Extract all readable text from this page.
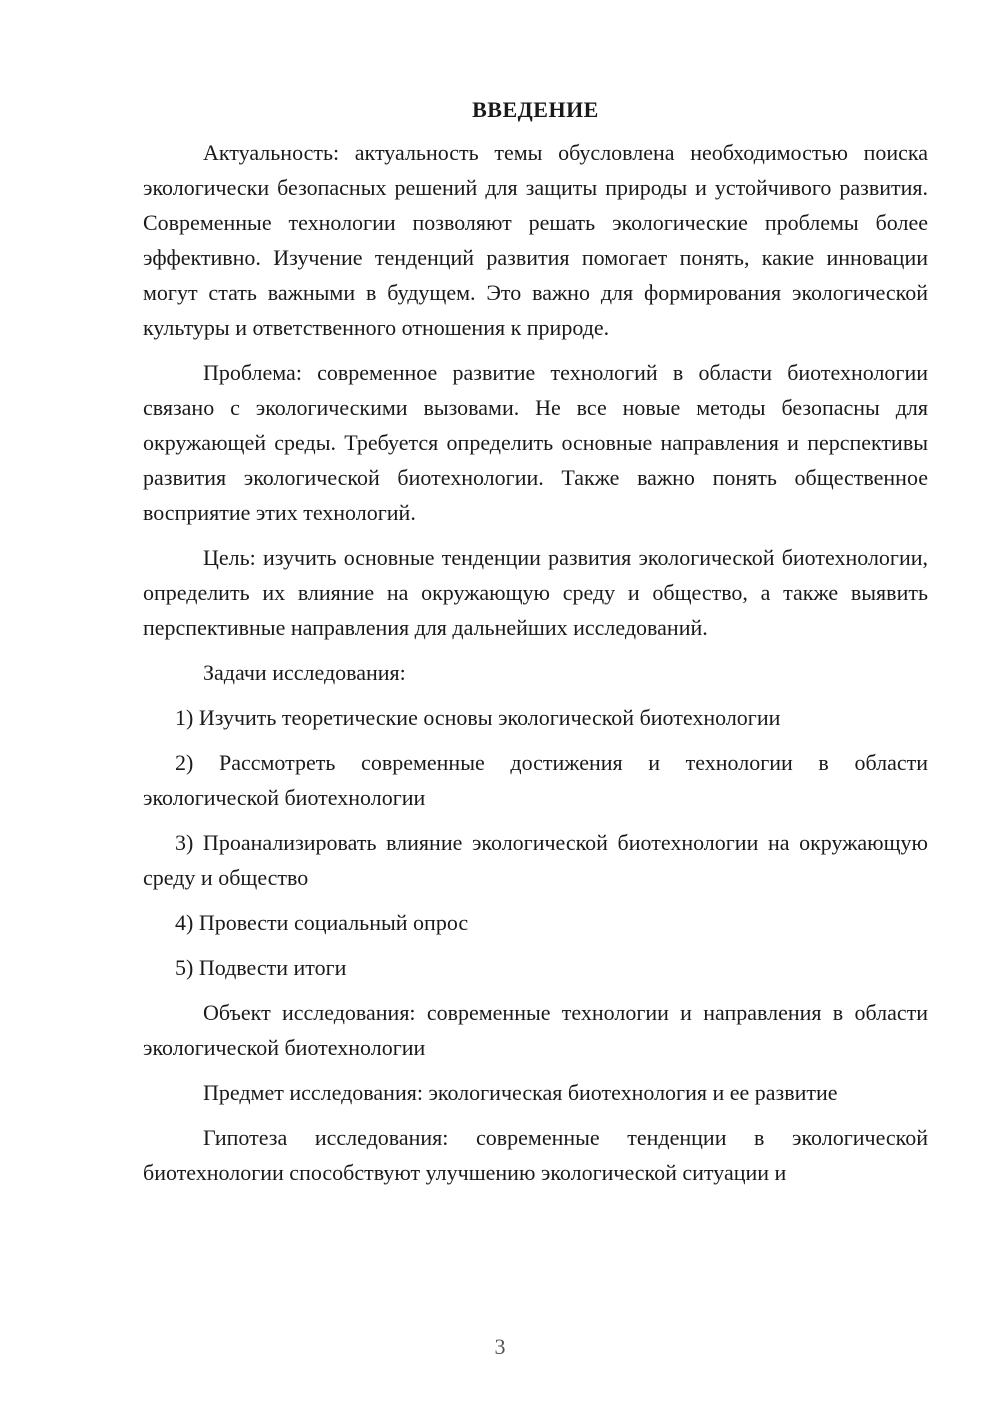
ВВЕДЕНИЕ

Актуальность: актуальность темы обусловлена необходимостью поиска экологически безопасных решений для защиты природы и устойчивого развития. Современные технологии позволяют решать экологические проблемы более эффективно. Изучение тенденций развития помогает понять, какие инновации могут стать важными в будущем. Это важно для формирования экологической культуры и ответственного отношения к природе.

Проблема: современное развитие технологий в области биотехнологии связано с экологическими вызовами. Не все новые методы безопасны для окружающей среды. Требуется определить основные направления и перспективы развития экологической биотехнологии. Также важно понять общественное восприятие этих технологий.

Цель: изучить основные тенденции развития экологической биотехнологии, определить их влияние на окружающую среду и общество, а также выявить перспективные направления для дальнейших исследований.

Задачи исследования:

1) Изучить теоретические основы экологической биотехнологии

2) Рассмотреть современные достижения и технологии в области экологической биотехнологии

3) Проанализировать влияние экологической биотехнологии на окружающую среду и общество

4) Провести социальный опрос

5) Подвести итоги

Объект исследования: современные технологии и направления в области экологической биотехнологии

Предмет исследования: экологическая биотехнология и ее развитие

Гипотеза исследования: современные тенденции в экологической биотехнологии способствуют улучшению экологической ситуации и

3
